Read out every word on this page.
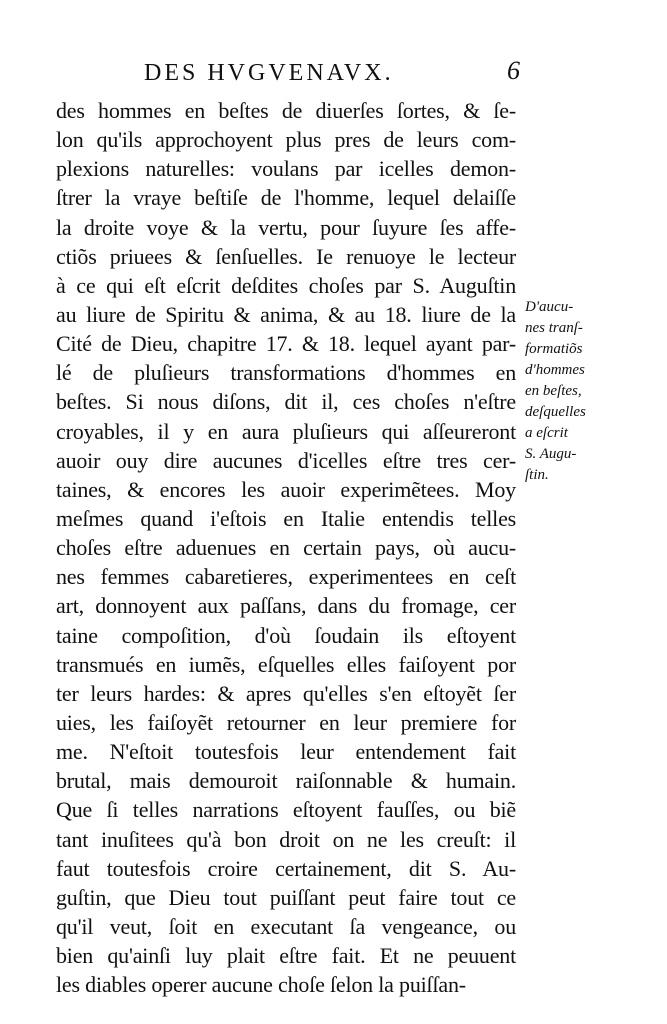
DES HVGVENAVX.	6
des hommes en beſtes de diuerſes ſortes, & ſe-
lon qu'ils approchoyent plus pres de leurs com-
plexions naturelles: voulans par icelles demon-
ſtrer la vraye beſtiſe de l'homme, lequel delaiſſe
la droite voye & la vertu, pour ſuyure ſes affe-
ctiõs priuees & ſenſuelles. Ie renuoye le lecteur
à ce qui eſt eſcrit deſdites choſes par S. Auguſtin
au liure de Spiritu & anima, & au 18. liure de la
Cité de Dieu, chapitre 17. & 18. lequel ayant par-
lé de pluſieurs transformations d'hommes en
beſtes. Si nous diſons, dit il, ces choſes n'eſtre
croyables, il y en aura pluſieurs qui aſſeureront
auoir ouy dire aucunes d'icelles eſtre tres cer-
taines, & encores les auoir experimẽtees. Moy
meſmes quand i'eſtois en Italie entendis telles
choſes eſtre aduenues en certain pays, où aucu-
nes femmes cabaretieres, experimentees en ceſt
art, donnoyent aux paſſans, dans du fromage, cer
taine compoſition, d'où ſoudain ils eſtoyent
transmués en iumẽs, eſquelles elles faiſoyent por
ter leurs hardes: & apres qu'elles s'en eſtoyẽt ſer
uies, les faiſoyẽt retourner en leur premiere for
me. N'eſtoit toutesfois leur entendement fait
brutal, mais demouroit raiſonnable & humain.
Que ſi telles narrations eſtoyent fauſſes, ou biẽ
tant inuſitees qu'à bon droit on ne les creuſt: il
faut toutesfois croire certainement, dit S. Au-
guſtin, que Dieu tout puiſſant peut faire tout ce
qu'il veut, ſoit en executant ſa vengeance, ou
bien qu'ainſi luy plait eſtre fait. Et ne peuuent
les diables operer aucune choſe ſelon la puiſſan-
D'aucu-
nes tranſ-
formatiõs
d'hommes
en beſtes,
deſquelles
a eſcrit
S. Augu-
ſtin.
